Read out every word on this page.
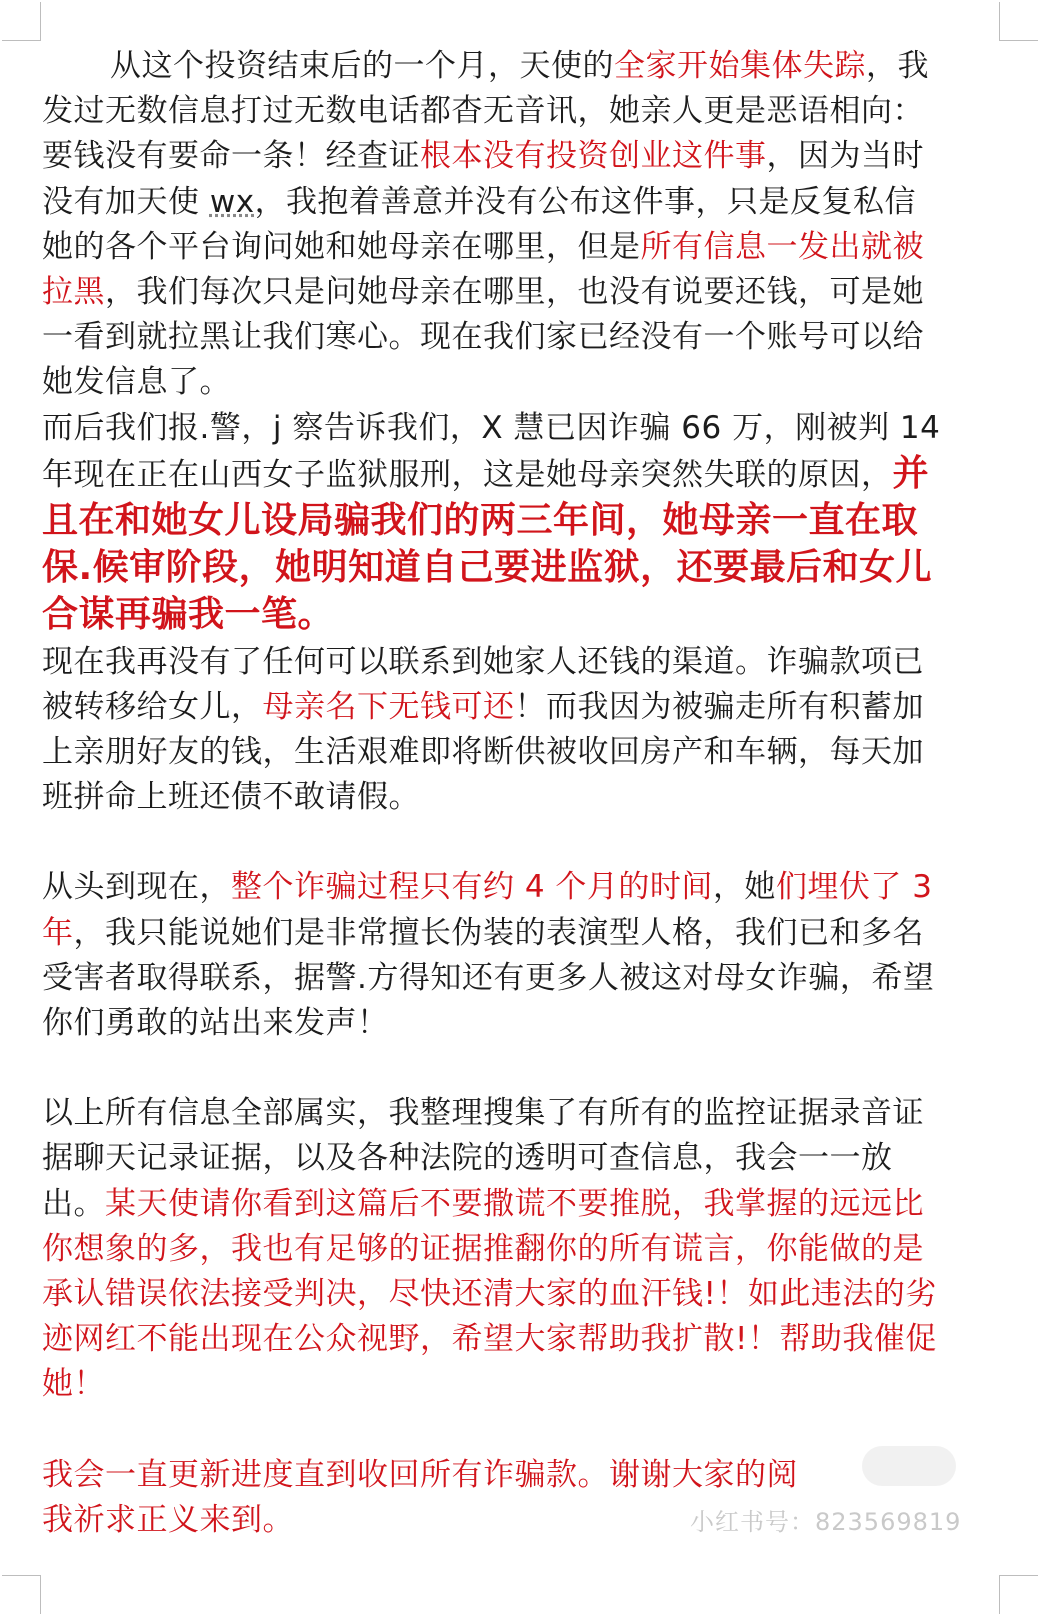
从这个投资结束后的一个月，天使的全家开始集体失踪，我发过无数信息打过无数电话都杳无音讯，她亲人更是恶语相向：要钱没有要命一条！经查证根本没有投资创业这件事，因为当时没有加天使 wx，我抱着善意并没有公布这件事，只是反复私信她的各个平台询问她和她母亲在哪里，但是所有信息一发出就被拉黑，我们每次只是问她母亲在哪里，也没有说要还钱，可是她一看到就拉黑让我们寒心。现在我们家已经没有一个账号可以给她发信息了。

而后我们报.警，j 察告诉我们，X 慧已因诈骗 66 万，刚被判 14 年现在正在山西女子监狱服刑，这是她母亲突然失联的原因，并且在和她女儿设局骗我们的两三年间，她母亲一直在取保.候审阶段，她明知道自己要进监狱，还要最后和女儿合谋再骗我一笔。

现在我再没有了任何可以联系到她家人还钱的渠道。诈骗款项已被转移给女儿，母亲名下无钱可还！而我因为被骗走所有积蓄加上亲朋好友的钱，生活艰难即将断供被收回房产和车辆，每天加班拼命上班还债不敢请假。

从头到现在，整个诈骗过程只有约 4 个月的时间，她们埋伏了 3 年，我只能说她们是非常擅长伪装的表演型人格，我们已和多名受害者取得联系，据警.方得知还有更多人被这对母女诈骗，希望你们勇敢的站出来发声！

以上所有信息全部属实，我整理搜集了有所有的监控证据录音证据聊天记录证据，以及各种法院的透明可查信息，我会一一放出。某天使请你看到这篇后不要撒谎不要推脱，我掌握的远远比你想象的多，我也有足够的证据推翻你的所有谎言，你能做的是承认错误依法接受判决，尽快还清大家的血汗钱!！如此违法的劣迹网红不能出现在公众视野，希望大家帮助我扩散!！帮助我催促她！

我会一直更新进度直到收回所有诈骗款。谢谢大家的阅

我祈求正义来到。	小红书号：823569819
